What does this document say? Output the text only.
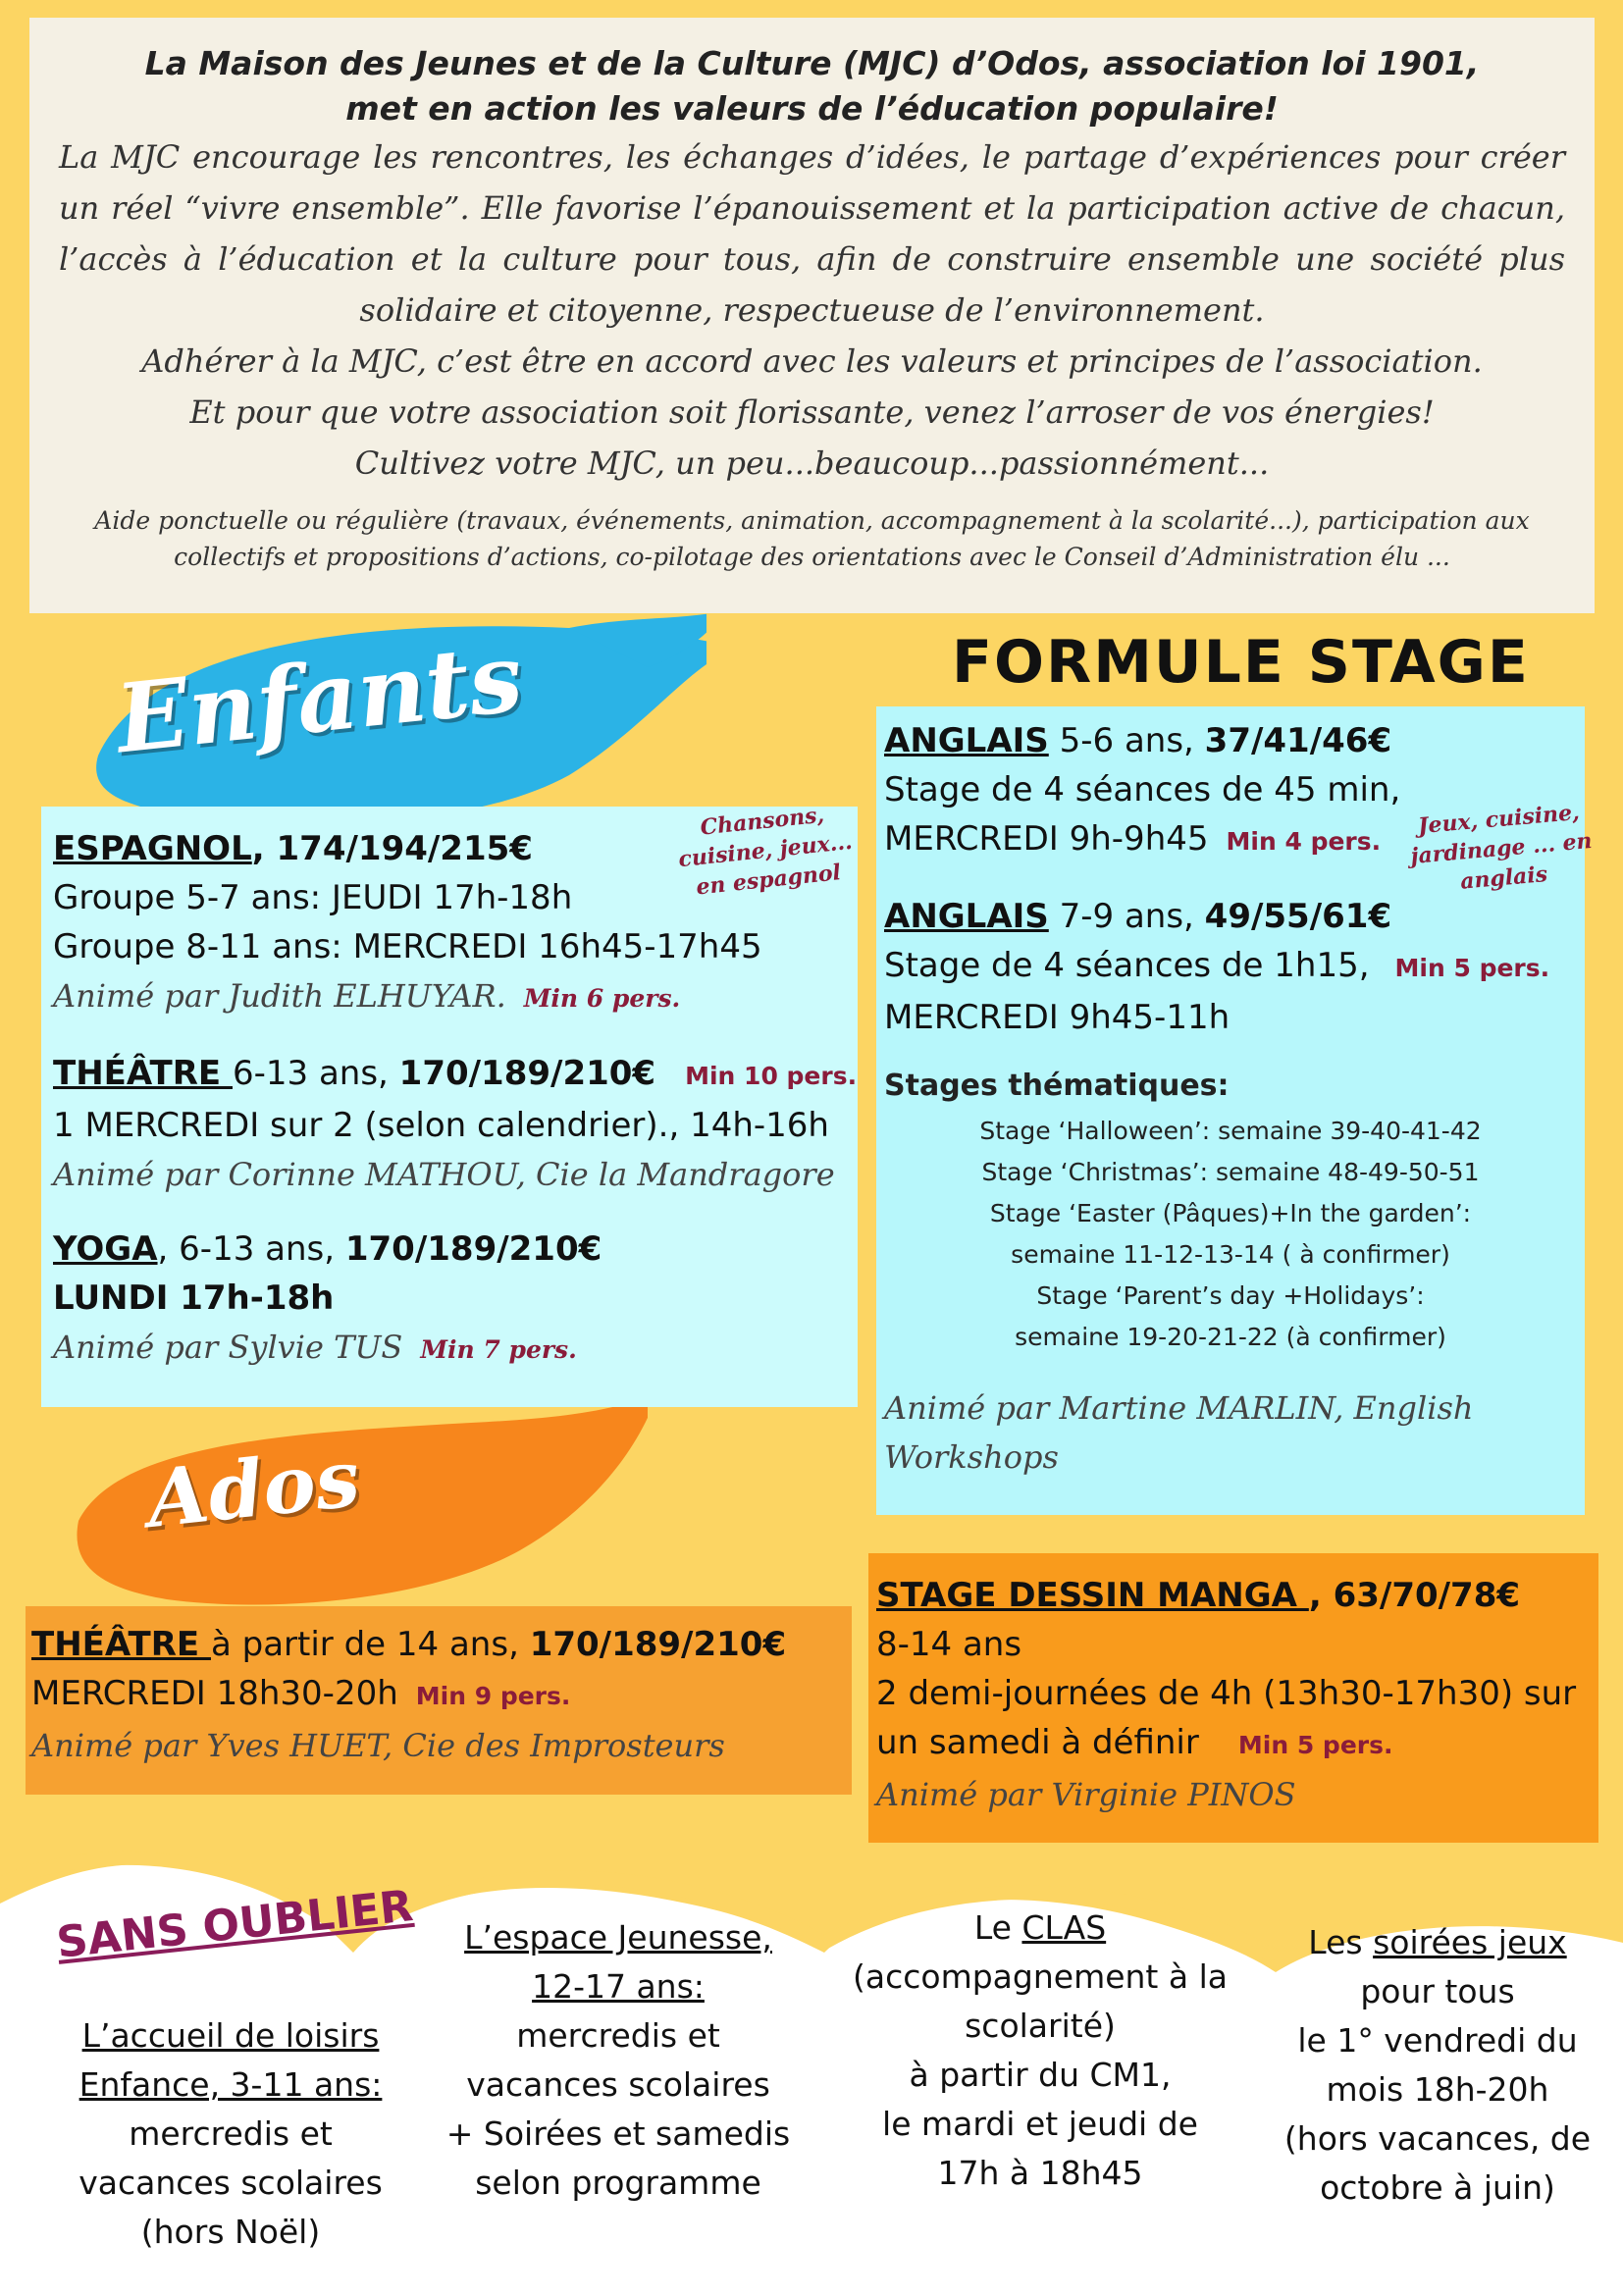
La Maison des Jeunes et de la Culture (MJC) d’Odos, association loi 1901,
met en action les valeurs de l’éducation populaire!
La MJC encourage les rencontres, les échanges d’idées, le partage d’expériences pour créer un réel “vivre ensemble”. Elle favorise l’épanouissement et la participation active de chacun, l’accès à l’éducation et la culture pour tous, afin de construire ensemble une société plus solidaire et citoyenne, respectueuse de l’environnement.
Adhérer à la MJC, c’est être en accord avec les valeurs et principes de l’association.
Et pour que votre association soit florissante, venez l’arroser de vos énergies!
Cultivez votre MJC, un peu...beaucoup...passionnément...
Aide ponctuelle ou régulière (travaux, événements, animation, accompagnement à la scolarité...), participation aux collectifs et propositions d’actions, co-pilotage des orientations avec le Conseil d’Administration élu ...
Enfants	FORMULE STAGE
ESPAGNOL, 174/194/215€
Groupe 5-7 ans: JEUDI 17h-18h
Groupe 8-11 ans: MERCREDI 16h45-17h45
Animé par Judith ELHUYAR. Min 6 pers.
THÉÂTRE 6-13 ans, 170/189/210€ Min 10 pers.
1 MERCREDI sur 2 (selon calendrier)., 14h-16h
Animé par Corinne MATHOU, Cie la Mandragore
YOGA, 6-13 ans, 170/189/210€
LUNDI 17h-18h
Animé par Sylvie TUS Min 7 pers.
Chansons, cuisine, jeux... en espagnol
ANGLAIS 5-6 ans, 37/41/46€
Stage de 4 séances de 45 min,
MERCREDI 9h-9h45 Min 4 pers.
ANGLAIS 7-9 ans, 49/55/61€
Stage de 4 séances de 1h15, Min 5 pers.
MERCREDI 9h45-11h
Stages thématiques:
Stage ‘Halloween’: semaine 39-40-41-42
Stage ‘Christmas’: semaine 48-49-50-51
Stage ‘Easter (Pâques)+In the garden’:
semaine 11-12-13-14 ( à confirmer)
Stage ‘Parent’s day +Holidays’:
semaine 19-20-21-22 (à confirmer)
Animé par Martine MARLIN, English
Workshops
Jeux, cuisine, jardinage ... en anglais
Ados
THÉÂTRE à partir de 14 ans, 170/189/210€
MERCREDI 18h30-20h Min 9 pers.
Animé par Yves HUET, Cie des Improsteurs
STAGE DESSIN MANGA , 63/70/78€
8-14 ans
2 demi-journées de 4h (13h30-17h30) sur
un samedi à définir Min 5 pers.
Animé par Virginie PINOS
SANS OUBLIER
L’accueil de loisirs
Enfance, 3-11 ans:
mercredis et
vacances scolaires
(hors Noël)
L’espace Jeunesse,
12-17 ans:
mercredis et
vacances scolaires
+ Soirées et samedis
selon programme
Le CLAS
(accompagnement à la
scolarité)
à partir du CM1,
le mardi et jeudi de
17h à 18h45
Les soirées jeux
pour tous
le 1° vendredi du
mois 18h-20h
(hors vacances, de
octobre à juin)
